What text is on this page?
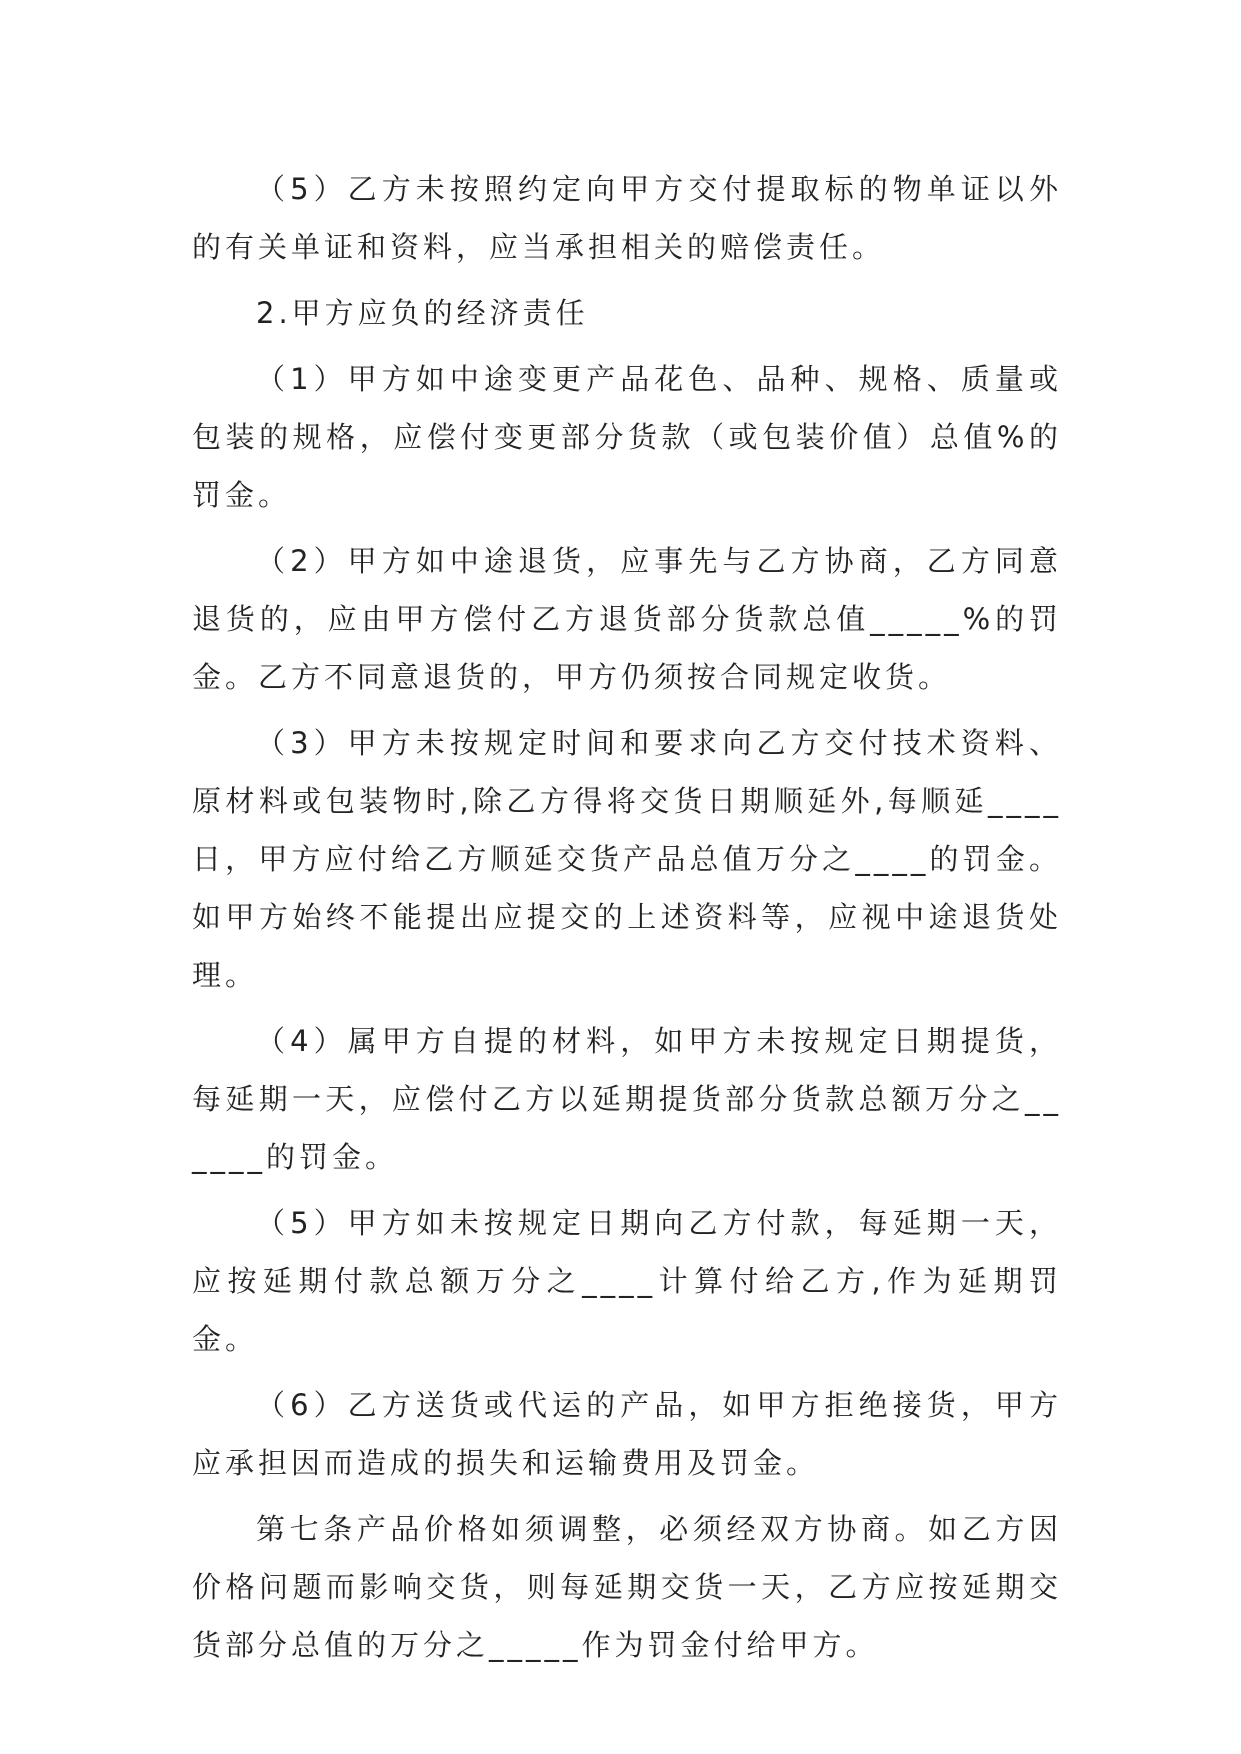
（5）乙方未按照约定向甲方交付提取标的物单证以外的有关单证和资料，应当承担相关的赔偿责任。

2.甲方应负的经济责任

（1）甲方如中途变更产品花色、品种、规格、质量或包装的规格，应偿付变更部分货款（或包装价值）总值%的罚金。

（2）甲方如中途退货，应事先与乙方协商，乙方同意退货的，应由甲方偿付乙方退货部分货款总值_____%的罚金。乙方不同意退货的，甲方仍须按合同规定收货。

（3）甲方未按规定时间和要求向乙方交付技术资料、原材料或包装物时,除乙方得将交货日期顺延外,每顺延____日，甲方应付给乙方顺延交货产品总值万分之____的罚金。如甲方始终不能提出应提交的上述资料等，应视中途退货处理。

（4）属甲方自提的材料，如甲方未按规定日期提货，每延期一天，应偿付乙方以延期提货部分货款总额万分之______的罚金。

（5）甲方如未按规定日期向乙方付款，每延期一天，应按延期付款总额万分之____计算付给乙方,作为延期罚金。

（6）乙方送货或代运的产品，如甲方拒绝接货，甲方应承担因而造成的损失和运输费用及罚金。

第七条产品价格如须调整，必须经双方协商。如乙方因价格问题而影响交货，则每延期交货一天，乙方应按延期交货部分总值的万分之_____作为罚金付给甲方。
